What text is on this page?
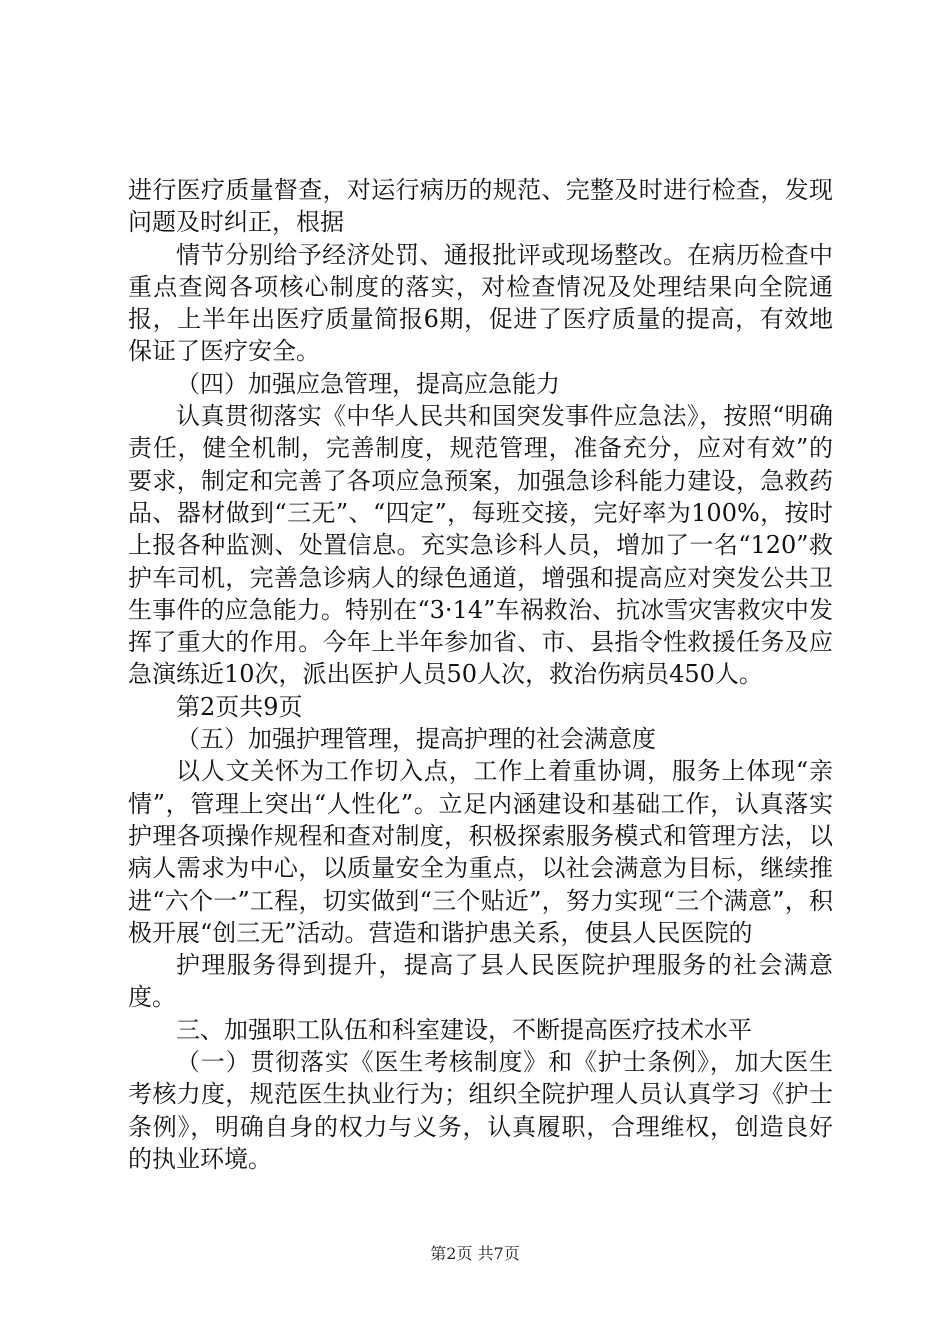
进行医疗质量督查，对运行病历的规范、完整及时进行检查，发现问题及时纠正，根据

情节分别给予经济处罚、通报批评或现场整改。在病历检查中重点查阅各项核心制度的落实，对检查情况及处理结果向全院通报，上半年出医疗质量简报6期，促进了医疗质量的提高，有效地保证了医疗安全。

（四）加强应急管理，提高应急能力

认真贯彻落实《中华人民共和国突发事件应急法》，按照“明确责任，健全机制，完善制度，规范管理，准备充分，应对有效”的要求，制定和完善了各项应急预案，加强急诊科能力建设，急救药品、器材做到“三无”、“四定”，每班交接，完好率为100%，按时上报各种监测、处置信息。充实急诊科人员，增加了一名“120”救护车司机，完善急诊病人的绿色通道，增强和提高应对突发公共卫生事件的应急能力。特别在“3·14”车祸救治、抗冰雪灾害救灾中发挥了重大的作用。今年上半年参加省、市、县指令性救援任务及应急演练近10次，派出医护人员50人次，救治伤病员450人。

第2页共9页

（五）加强护理管理，提高护理的社会满意度

以人文关怀为工作切入点，工作上着重协调，服务上体现“亲情”，管理上突出“人性化”。立足内涵建设和基础工作，认真落实护理各项操作规程和查对制度，积极探索服务模式和管理方法，以病人需求为中心，以质量安全为重点，以社会满意为目标，继续推进“六个一”工程，切实做到“三个贴近”，努力实现“三个满意”，积极开展“创三无”活动。营造和谐护患关系，使县人民医院的

护理服务得到提升，提高了县人民医院护理服务的社会满意度。

三、加强职工队伍和科室建设，不断提高医疗技术水平

（一）贯彻落实《医生考核制度》和《护士条例》，加大医生考核力度，规范医生执业行为；组织全院护理人员认真学习《护士条例》，明确自身的权力与义务，认真履职，合理维权，创造良好的执业环境。

第2页 共7页
